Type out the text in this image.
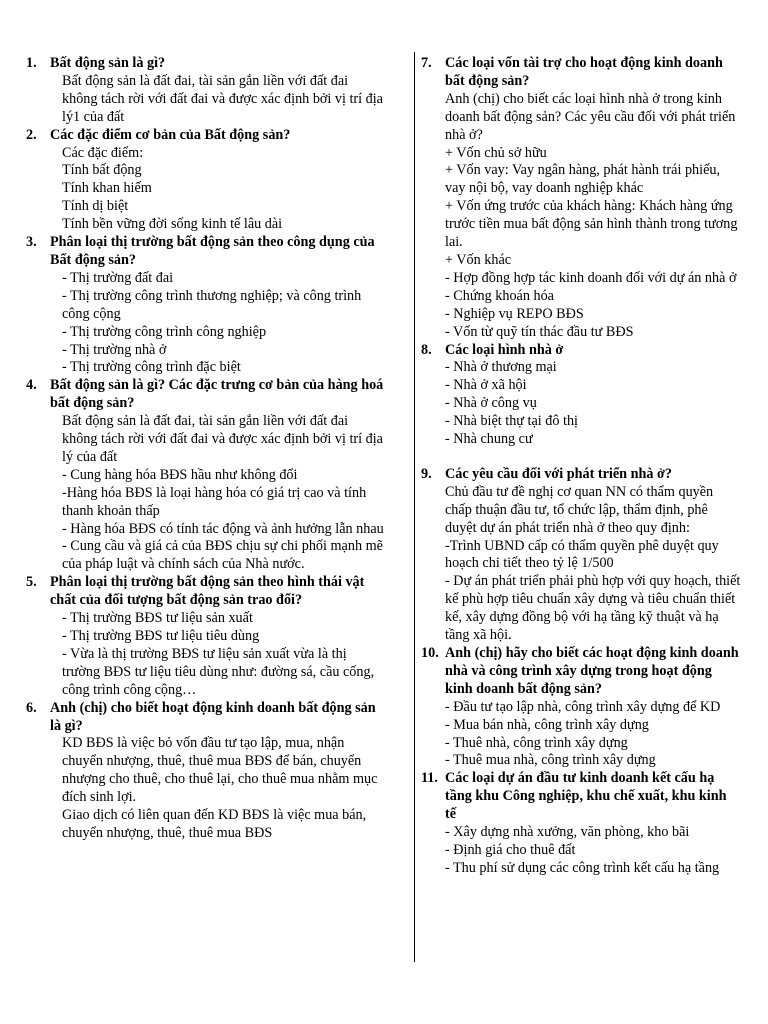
1. Bất động sản là gì?
Bất động sản là đất đai, tài sản gắn liền với đất đai không tách rời với đất đai và được xác định bởi vị trí địa lý1 của đất
2. Các đặc điểm cơ bản của Bất động sản?
Các đặc điểm:
Tính bất động
Tính khan hiếm
Tính dị biệt
Tính bền vững đời sống kinh tế lâu dài
3. Phân loại thị trường bất động sản theo công dụng của Bất động sản?
- Thị trường đất đai
- Thị trường công trình thương nghiệp; và công trình công cộng
- Thị trường công trình công nghiệp
- Thị trường nhà ở
- Thị trường công trình đặc biệt
4. Bất động sản là gì? Các đặc trưng cơ bản của hàng hoá bất động sản?
Bất động sản là đất đai, tài sản gắn liền với đất đai không tách rời với đất đai và được xác định bởi vị trí địa lý của đất
- Cung hàng hóa BĐS hầu như không đổi
-Hàng hóa BĐS là loại hàng hóa có giá trị cao và tính thanh khoản thấp
- Hàng hóa BĐS có tính tác động và ảnh hưởng lẫn nhau
- Cung cầu và giá cả của BĐS chịu sự chi phối mạnh mẽ của pháp luật và chính sách của Nhà nước.
5. Phân loại thị trường bất động sản theo hình thái vật chất của đối tượng bất động sản trao đổi?
- Thị trường BĐS tư liệu sản xuất
- Thị trường BĐS tư liệu tiêu dùng
- Vừa là thị trường BĐS tư liệu sản xuất vừa là thị trường BĐS tư liệu tiêu dùng như: đường sá, cầu cống, công trình công cộng…
6. Anh (chị) cho biết hoạt động kinh doanh bất động sản là gì?
KD BĐS là việc bỏ vốn đầu tư tạo lập, mua, nhận chuyển nhượng, thuê, thuê mua BĐS để bán, chuyển nhượng cho thuê, cho thuê lại, cho thuê mua nhằm mục đích sinh lợi.
Giao dịch có liên quan đến KD BĐS là việc mua bán, chuyển nhượng, thuê, thuê mua BĐS
7. Các loại vốn tài trợ cho hoạt động kinh doanh bất động sản?
Anh (chị) cho biết các loại hình nhà ở trong kinh doanh bất động sản? Các yêu cầu đối với phát triển nhà ở?
+ Vốn chủ sở hữu
+ Vốn vay: Vay ngân hàng, phát hành trái phiếu, vay nội bộ, vay doanh nghiệp khác
+ Vốn ứng trước của khách hàng: Khách hàng ứng trước tiền mua bất động sản hình thành trong tương lai.
+ Vốn khác
- Hợp đồng hợp tác kinh doanh đối với dự án nhà ở
- Chứng khoán hóa
- Nghiệp vụ REPO BĐS
- Vốn từ quỹ tín thác đầu tư BĐS
8. Các loại hình nhà ở
- Nhà ở thương mại
- Nhà ở xã hội
- Nhà ở công vụ
- Nhà biệt thự tại đô thị
- Nhà chung cư
9. Các yêu cầu đối với phát triển nhà ở?
Chủ đầu tư đề nghị cơ quan NN có thẩm quyền chấp thuận đầu tư, tổ chức lập, thẩm định, phê duyệt dự án phát triển nhà ở theo quy định:
-Trình UBND cấp có thẩm quyền phê duyệt quy hoạch chi tiết theo tỷ lệ 1/500
- Dự án phát triển phải phù hợp với quy hoạch, thiết kế phù hợp tiêu chuẩn xây dựng và tiêu chuẩn thiết kế, xây dựng đồng bộ với hạ tầng kỹ thuật và hạ tầng xã hội.
10. Anh (chị) hãy cho biết các hoạt động kinh doanh nhà và công trình xây dựng trong hoạt động kinh doanh bất động sản?
- Đầu tư tạo lập nhà, công trình xây dựng để KD
- Mua bán nhà, công trình xây dựng
- Thuê nhà, công trình xây dựng
- Thuê mua nhà, công trình xây dựng
11. Các loại dự án đầu tư kinh doanh kết cấu hạ tầng khu Công nghiệp, khu chế xuất, khu kinh tế
- Xây dựng nhà xưởng, văn phòng, kho bãi
- Định giá cho thuê đất
- Thu phí sử dụng các công trình kết cấu hạ tầng
